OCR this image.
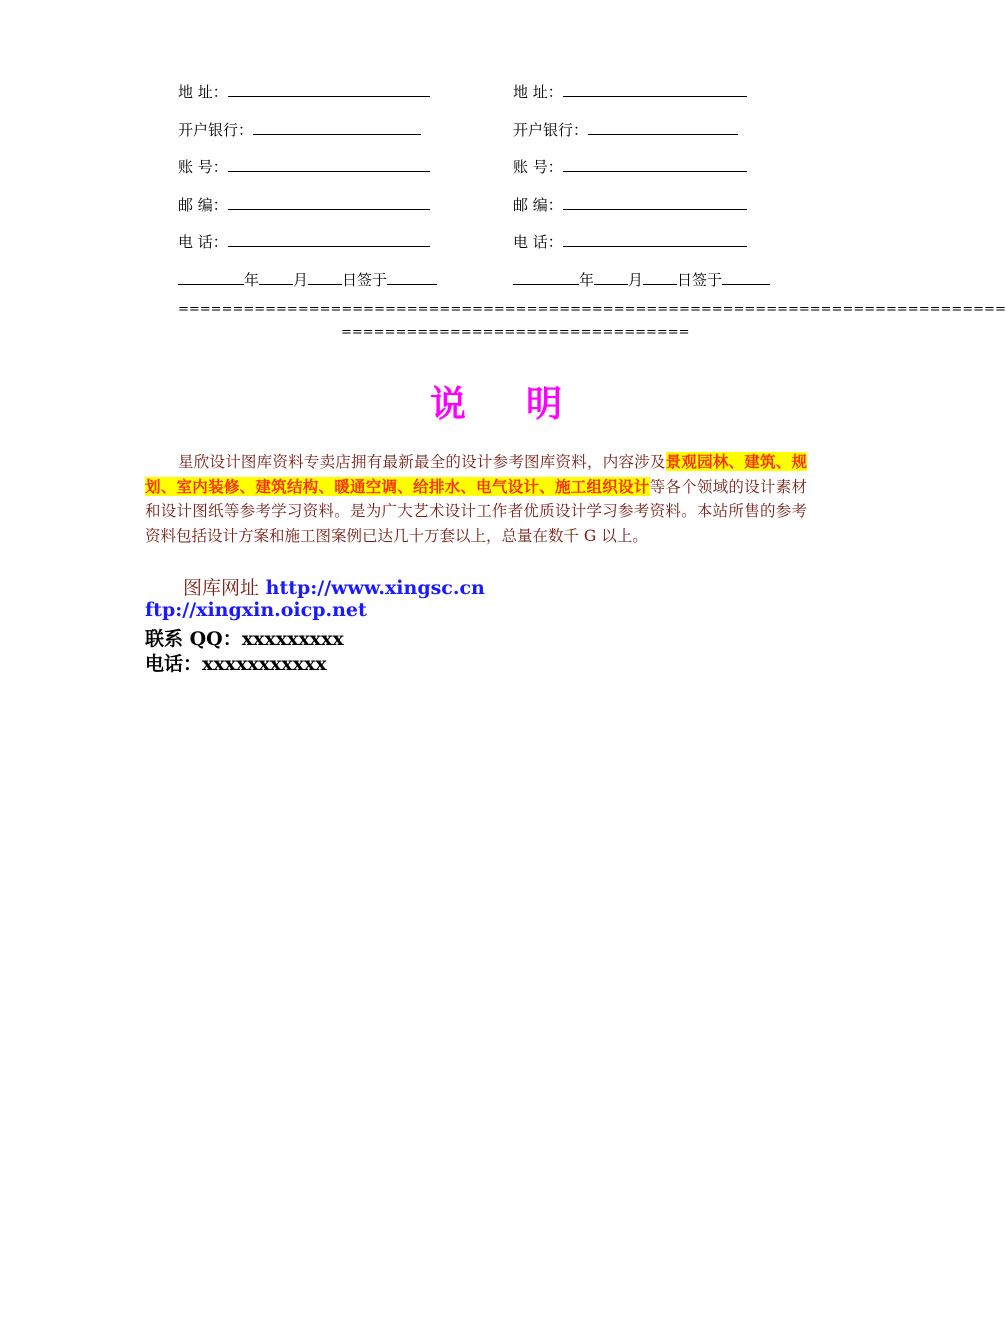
地 址：	地 址：
开户银行：	开户银行：
账 号：	账 号：
邮 编：	邮 编：
电 话：	电 话：
年 月 日签于	年 月 日签于
============================================================================
================================
说 明
星欣设计图库资料专卖店拥有最新最全的设计参考图库资料，内容涉及景观园林、建筑、规划、室内装修、建筑结构、暖通空调、给排水、电气设计、施工组织设计等各个领域的设计素材和设计图纸等参考学习资料。是为广大艺术设计工作者优质设计学习参考资料。本站所售的参考资料包括设计方案和施工图案例已达几十万套以上，总量在数千 G 以上。
图库网址 http://www.xingsc.cn
ftp://xingxin.oicp.net
联系 QQ：xxxxxxxxx
电话：xxxxxxxxxxx
